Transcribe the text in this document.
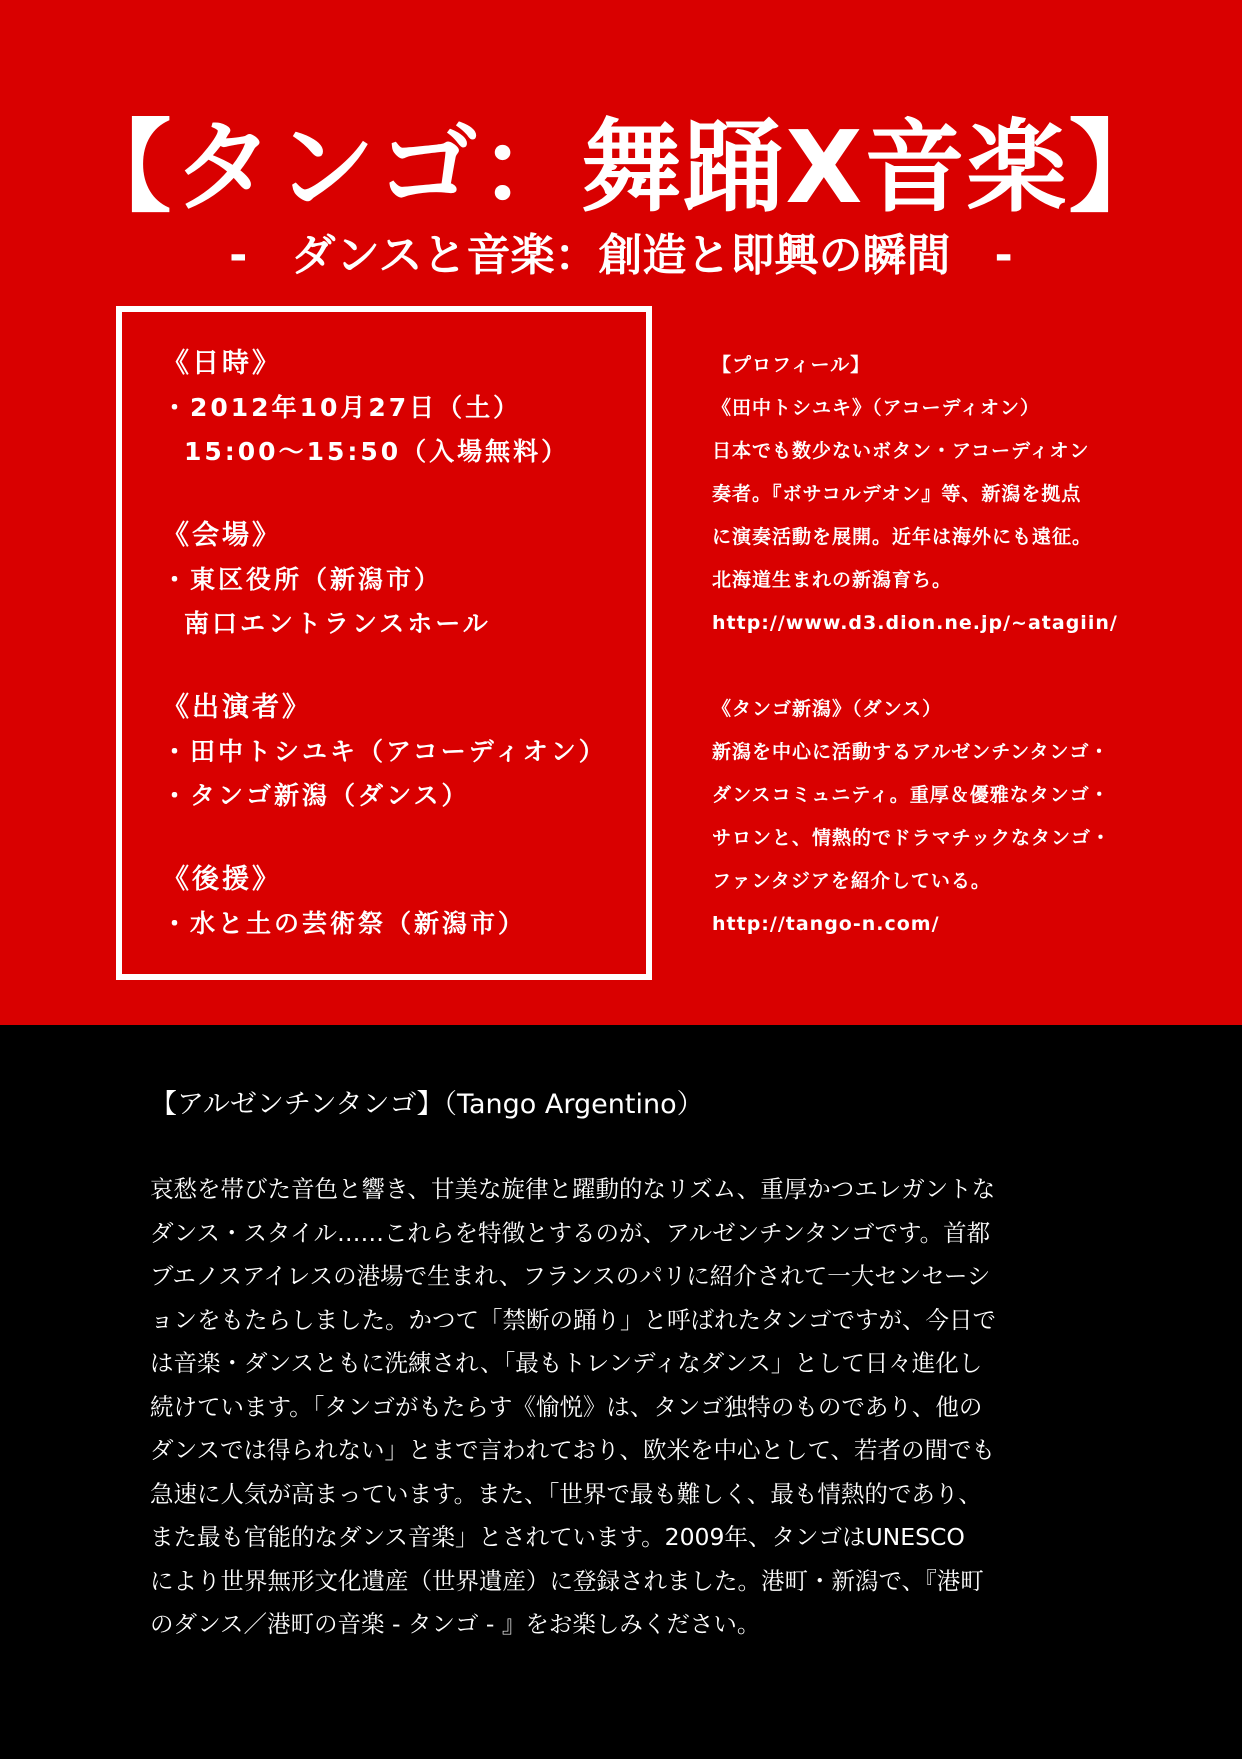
【タンゴ：舞踊X音楽】
-　ダンスと音楽：創造と即興の瞬間　-
《日時》
・2012年10月27日（土）
15:00〜15:50（入場無料）
《会場》
・東区役所（新潟市）
南口エントランスホール
《出演者》
・田中トシユキ（アコーディオン）
・タンゴ新潟（ダンス）
《後援》
・水と土の芸術祭（新潟市）
【プロフィール】
《田中トシユキ》（アコーディオン）
日本でも数少ないボタン・アコーディオン
奏者。『ボサコルデオン』等、新潟を拠点
に演奏活動を展開。近年は海外にも遠征。
北海道生まれの新潟育ち。
http://www.d3.dion.ne.jp/~atagiin/
《タンゴ新潟》（ダンス）
新潟を中心に活動するアルゼンチンタンゴ・
ダンスコミュニティ。重厚＆優雅なタンゴ・
サロンと、情熱的でドラマチックなタンゴ・
ファンタジアを紹介している。
http://tango-n.com/
【アルゼンチンタンゴ】（Tango Argentino）
哀愁を帯びた音色と響き、甘美な旋律と躍動的なリズム、重厚かつエレガントな
ダンス・スタイル……これらを特徴とするのが、アルゼンチンタンゴです。首都
ブエノスアイレスの港場で生まれ、フランスのパリに紹介されて一大センセーシ
ョンをもたらしました。かつて「禁断の踊り」と呼ばれたタンゴですが、今日で
は音楽・ダンスともに洗練され、「最もトレンディなダンス」として日々進化し
続けています。「タンゴがもたらす《愉悦》は、タンゴ独特のものであり、他の
ダンスでは得られない」とまで言われており、欧米を中心として、若者の間でも
急速に人気が高まっています。また、「世界で最も難しく、最も情熱的であり、
また最も官能的なダンス音楽」とされています。2009年、タンゴはUNESCO
により世界無形文化遺産（世界遺産）に登録されました。港町・新潟で、『港町
のダンス／港町の音楽 - タンゴ - 』をお楽しみください。
